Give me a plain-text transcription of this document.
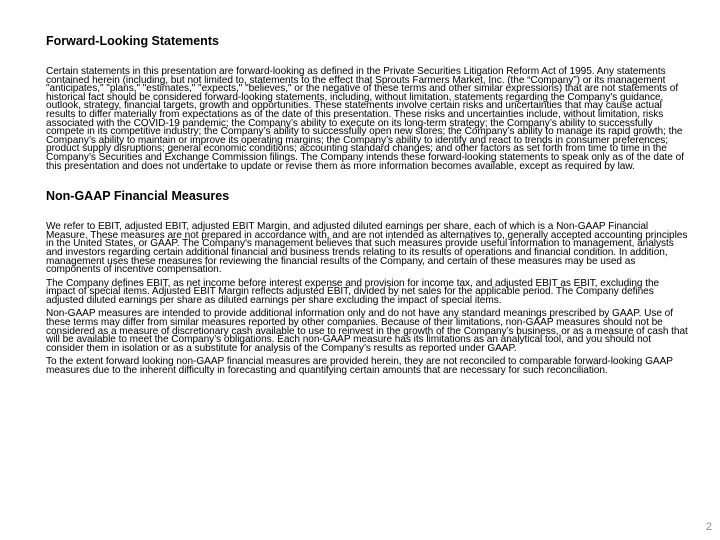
Forward-Looking Statements

Certain statements in this presentation are forward-looking as defined in the Private Securities Litigation Reform Act of 1995. Any statements contained herein (including, but not limited to, statements to the effect that Sprouts Farmers Market, Inc. (the “Company”) or its management "anticipates," "plans," "estimates," "expects," "believes," or the negative of these terms and other similar expressions) that are not statements of historical fact should be considered forward-looking statements, including, without limitation, statements regarding the Company’s guidance, outlook, strategy, financial targets, growth and opportunities. These statements involve certain risks and uncertainties that may cause actual results to differ materially from expectations as of the date of this presentation. These risks and uncertainties include, without limitation, risks associated with the COVID-19 pandemic; the Company’s ability to execute on its long-term strategy; the Company’s ability to successfully compete in its competitive industry; the Company’s ability to successfully open new stores; the Company’s ability to manage its rapid growth; the Company’s ability to maintain or improve its operating margins; the Company’s ability to identify and react to trends in consumer preferences; product supply disruptions; general economic conditions; accounting standard changes; and other factors as set forth from time to time in the Company’s Securities and Exchange Commission filings. The Company intends these forward-looking statements to speak only as of the date of this presentation and does not undertake to update or revise them as more information becomes available, except as required by law.

Non-GAAP Financial Measures

We refer to EBIT, adjusted EBIT, adjusted EBIT Margin, and adjusted diluted earnings per share, each of which is a Non-GAAP Financial Measure. These measures are not prepared in accordance with, and are not intended as alternatives to, generally accepted accounting principles in the United States, or GAAP. The Company's management believes that such measures provide useful information to management, analysts and investors regarding certain additional financial and business trends relating to its results of operations and financial condition. In addition, management uses these measures for reviewing the financial results of the Company, and certain of these measures may be used as components of incentive compensation.

The Company defines EBIT, as net income before interest expense and provision for income tax, and adjusted EBIT as EBIT, excluding the impact of special items. Adjusted EBIT Margin reflects adjusted EBIT, divided by net sales for the applicable period. The Company defines adjusted diluted earnings per share as diluted earnings per share excluding the impact of special items.

Non-GAAP measures are intended to provide additional information only and do not have any standard meanings prescribed by GAAP. Use of these terms may differ from similar measures reported by other companies. Because of their limitations, non-GAAP measures should not be considered as a measure of discretionary cash available to use to reinvest in the growth of the Company’s business, or as a measure of cash that will be available to meet the Company’s obligations. Each non-GAAP measure has its limitations as an analytical tool, and you should not consider them in isolation or as a substitute for analysis of the Company’s results as reported under GAAP.

To the extent forward looking non-GAAP financial measures are provided herein, they are not reconciled to comparable forward-looking GAAP measures due to the inherent difficulty in forecasting and quantifying certain amounts that are necessary for such reconciliation.

2
